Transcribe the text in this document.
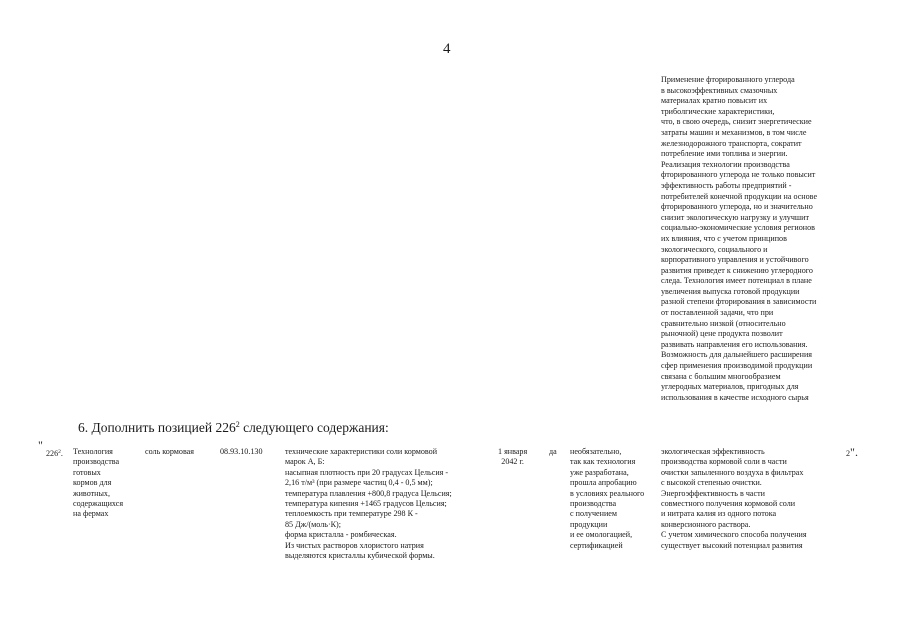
4
Применение фторированного углерода
в высокоэффективных смазочных
материалах кратно повысит их
триболгические характеристики,
что, в свою очередь, снизит энергетические
затраты машин и механизмов, в том числе
железнодорожного транспорта, сократит
потребление ими топлива и энергии.
Реализация технологии производства
фторированного углерода не только повысит
эффективность работы предприятий -
потребителей конечной продукции на основе
фторированного углерода, но и значительно
снизит экологическую нагрузку и улучшит
социально-экономические условия регионов
их влияния, что с учетом принципов
экологического, социального и
корпоративного управления и устойчивого
развития приведет к снижению углеродного
следа. Технология имеет потенциал в плане
увеличения выпуска готовой продукции
разной степени фторирования в зависимости
от поставленной задачи, что при
сравнительно низкой (относительно
рыночной) цене продукта позволит
развивать направления его использования.
Возможность для дальнейшего расширения
сфер применения производимой продукции
связана с большим многообразием
углеродных материалов, пригодных для
использования в качестве исходного сырья
6. Дополнить позицией $226^2$ следующего содержания:
"
$226^2$. Технология
производства
готовых
кормов для
животных,
содержащихся
на фермах
соль кормовая	08.93.10.130	технические характеристики соли кормовой
марок А, Б:
насыпная плотность при 20 градусах Цельсия -
2,16 т/м³ (при размере частиц 0,4 - 0,5 мм);
температура плавления +800,8 градуса Цельсия;
температура кипения +1465 градусов Цельсия;
теплоемкость при температуре 298 К -
85 Дж/(моль·К);
форма кристалла - ромбическая.
Из чистых растворов хлористого натрия
выделяются кристаллы кубической формы.
1 января
2042 г.
да необязательно,
так как технология
уже разработана,
прошла апробацию
в условиях реального
производства
с получением
продукции
и ее омологацией,
сертификацией
экологическая эффективность
производства кормовой соли в части
очистки запыленного воздуха в фильтрах
с высокой степенью очистки.
Энергоэффективность в части
совместного получения кормовой соли
и нитрата калия из одного потока
конверсионного раствора.
С учетом химического способа получения
существует высокий потенциал развития
2".
